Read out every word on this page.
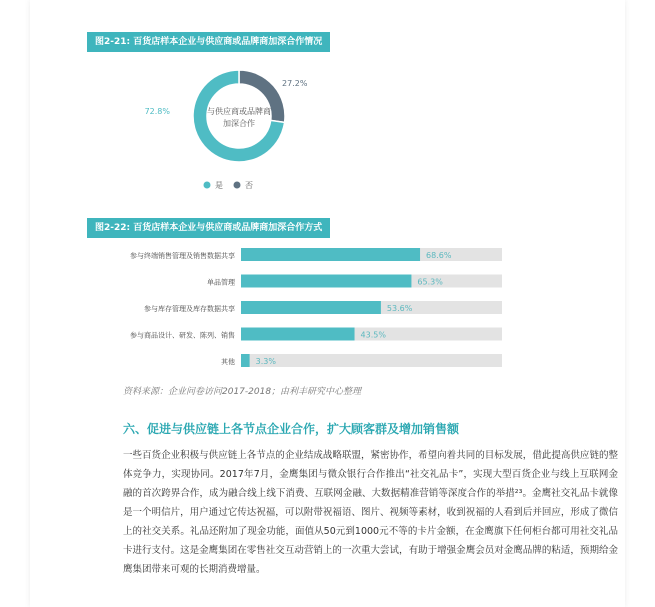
图2-21: 百货店样本企业与供应商或品牌商加深合作情况
72.8%
27.2%
与供应商或品牌商
加深合作
是	否
图2-22: 百货店样本企业与供应商或品牌商加深合作方式
参与终端销售管理及销售数据共享	68.6%
单品管理	65.3%
参与库存管理及库存数据共享	53.6%
参与商品设计、研发、陈列、销售	43.5%
其他	3.3%
资料来源：企业问卷访问2017-2018；由利丰研究中心整理
六、促进与供应链上各节点企业合作，扩大顾客群及增加销售额
一些百货企业积极与供应链上各节点的企业结成战略联盟，紧密协作，希望向着共同的目标发展，借此提高供应链的整体竞争力，实现协同。2017年7月，金鹰集团与微众银行合作推出“社交礼品卡”，实现大型百货企业与线上互联网金融的首次跨界合作，成为融合线上线下消费、互联网金融、大数据精准营销等深度合作的举措²³。金鹰社交礼品卡就像是一个明信片，用户通过它传达祝福，可以附带祝福语、图片、视频等素材，收到祝福的人看到后并回应，形成了微信上的社交关系。礼品还附加了现金功能，面值从50元到1000元不等的卡片金额，在金鹰旗下任何柜台都可用社交礼品卡进行支付。这是金鹰集团在零售社交互动营销上的一次重大尝试，有助于增强金鹰会员对金鹰品牌的粘适，预期给金鹰集团带来可观的长期消费增量。
